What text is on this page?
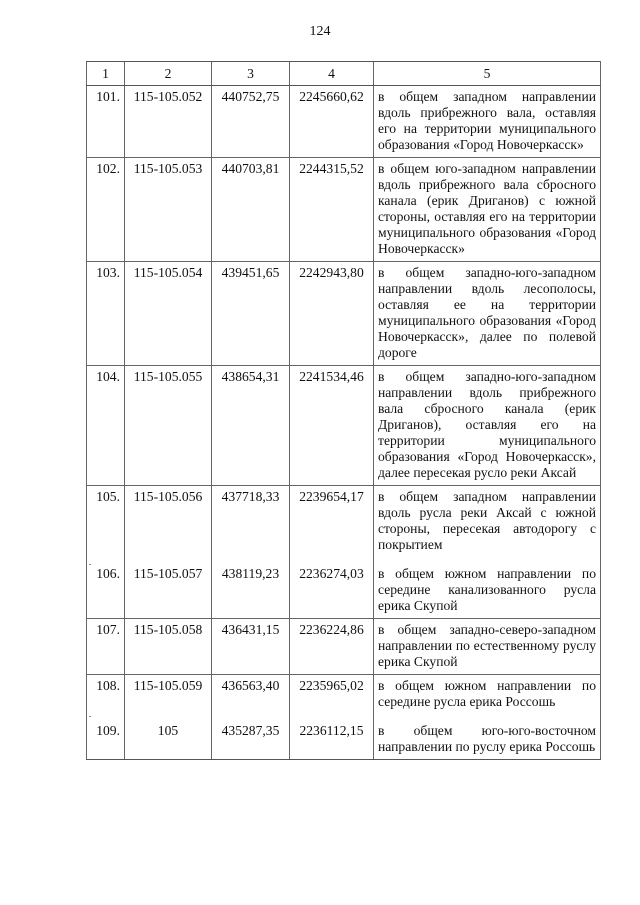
124
1	2	3	4	5
101.	115-105.052	440752,75	2245660,62	в общем западном направлении вдоль прибрежного вала, оставляя его на территории муниципального образования «Город Новочеркасск»
102.	115-105.053	440703,81	2244315,52	в общем юго-западном направлении вдоль прибрежного вала сбросного канала (ерик Дриганов) с южной стороны, оставляя его на территории муниципального образования «Город Новочеркасск»
103.	115-105.054	439451,65	2242943,80	в общем западно-юго-западном направлении вдоль лесополосы, оставляя ее на территории муниципального образования «Город Новочеркасск», далее по полевой дороге
104.	115-105.055	438654,31	2241534,46	в общем западно-юго-западном направлении вдоль прибрежного вала сбросного канала (ерик Дриганов), оставляя его на территории муниципального образования «Город Новочеркасск», далее пересекая русло реки Аксай
105.	115-105.056	437718,33	2239654,17	в общем западном направлении вдоль русла реки Аксай с южной стороны, пересекая автодорогу с покрытием
106.	115-105.057	438119,23	2236274,03	в общем южном направлении по середине канализованного русла ерика Скупой
107.	115-105.058	436431,15	2236224,86	в общем западно-северо-западном направлении по естественному руслу ерика Скупой
108.	115-105.059	436563,40	2235965,02	в общем южном направлении по середине русла ерика Россошь
109.	105	435287,35	2236112,15	в общем юго-юго-восточном направлении по руслу ерика Россошь
